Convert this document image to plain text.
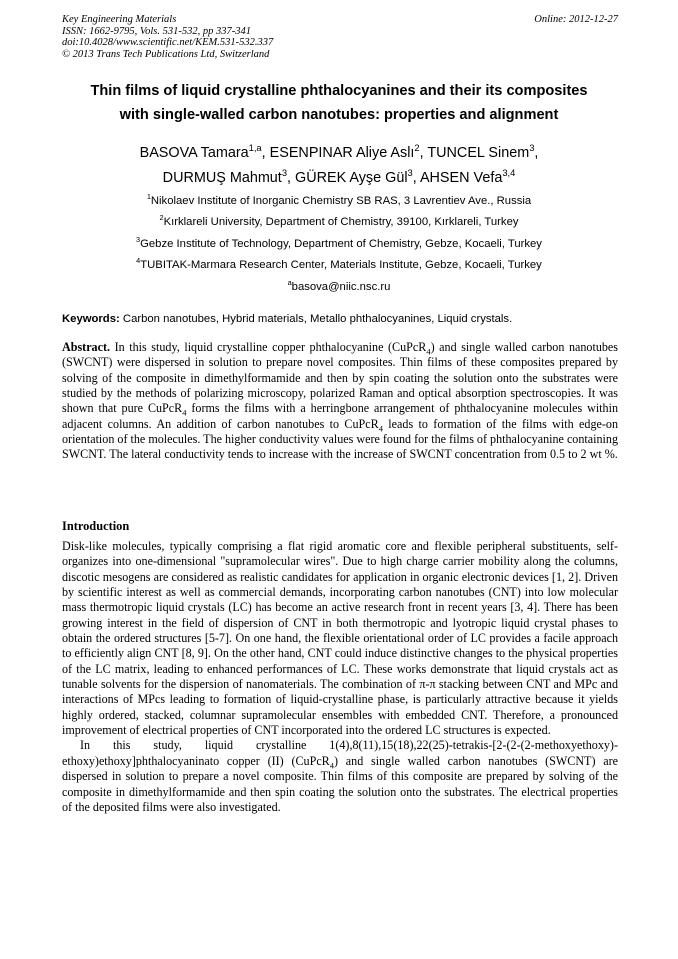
Key Engineering Materials
ISSN: 1662-9795, Vols. 531-532, pp 337-341
doi:10.4028/www.scientific.net/KEM.531-532.337
© 2013 Trans Tech Publications Ltd, Switzerland
Online: 2012-12-27
Thin films of liquid crystalline phthalocyanines and their its composites
with single-walled carbon nanotubes: properties and alignment
BASOVA Tamara$^{1,a}$, ESENPINAR Aliye Aslı$^2$, TUNCEL Sinem$^3$,
DURMUŞ Mahmut$^3$, GÜREK Ayşe Gül$^3$, AHSEN Vefa$^{3,4}$
$^1$Nikolaev Institute of Inorganic Chemistry SB RAS, 3 Lavrentiev Ave., Russia
$^2$Kırklareli University, Department of Chemistry, 39100, Kırklareli, Turkey
$^3$Gebze Institute of Technology, Department of Chemistry, Gebze, Kocaeli, Turkey
$^4$TUBITAK-Marmara Research Center, Materials Institute, Gebze, Kocaeli, Turkey
$^a$basova@niic.nsc.ru
Keywords: Carbon nanotubes, Hybrid materials, Metallo phthalocyanines, Liquid crystals.

Abstract. In this study, liquid crystalline copper phthalocyanine (CuPcR$_4$) and single walled carbon nanotubes (SWCNT) were dispersed in solution to prepare novel composites. Thin films of these composites prepared by solving of the composite in dimethylformamide and then by spin coating the solution onto the substrates were studied by the methods of polarizing microscopy, polarized Raman and optical absorption spectroscopies. It was shown that pure CuPcR$_4$ forms the films with a herringbone arrangement of phthalocyanine molecules within adjacent columns. An addition of carbon nanotubes to CuPcR$_4$ leads to formation of the films with edge-on orientation of the molecules. The higher conductivity values were found for the films of phthalocyanine containing SWCNT. The lateral conductivity tends to increase with the increase of SWCNT concentration from 0.5 to 2 wt %.

Introduction

Disk-like molecules, typically comprising a flat rigid aromatic core and flexible peripheral substituents, self-organizes into one-dimensional "supramolecular wires". Due to high charge carrier mobility along the columns, discotic mesogens are considered as realistic candidates for application in organic electronic devices [1, 2]. Driven by scientific interest as well as commercial demands, incorporating carbon nanotubes (CNT) into low molecular mass thermotropic liquid crystals (LC) has become an active research front in recent years [3, 4]. There has been growing interest in the field of dispersion of CNT in both thermotropic and lyotropic liquid crystal phases to obtain the ordered structures [5-7]. On one hand, the flexible orientational order of LC provides a facile approach to efficiently align CNT [8, 9]. On the other hand, CNT could induce distinctive changes to the physical properties of the LC matrix, leading to enhanced performances of LC. These works demonstrate that liquid crystals act as tunable solvents for the dispersion of nanomaterials. The combination of π-π stacking between CNT and MPc and interactions of MPcs leading to formation of liquid-crystalline phase, is particularly attractive because it yields highly ordered, stacked, columnar supramolecular ensembles with embedded CNT. Therefore, a pronounced improvement of electrical properties of CNT incorporated into the ordered LC structures is expected.

In this study, liquid crystalline 1(4),8(11),15(18),22(25)-tetrakis-[2-(2-(2-methoxyethoxy)-ethoxy)ethoxy]phthalocyaninato copper (II) (CuPcR$_4$) and single walled carbon nanotubes (SWCNT) are dispersed in solution to prepare a novel composite. Thin films of this composite are prepared by solving of the composite in dimethylformamide and then spin coating the solution onto the substrates. The electrical properties of the deposited films were also investigated.
